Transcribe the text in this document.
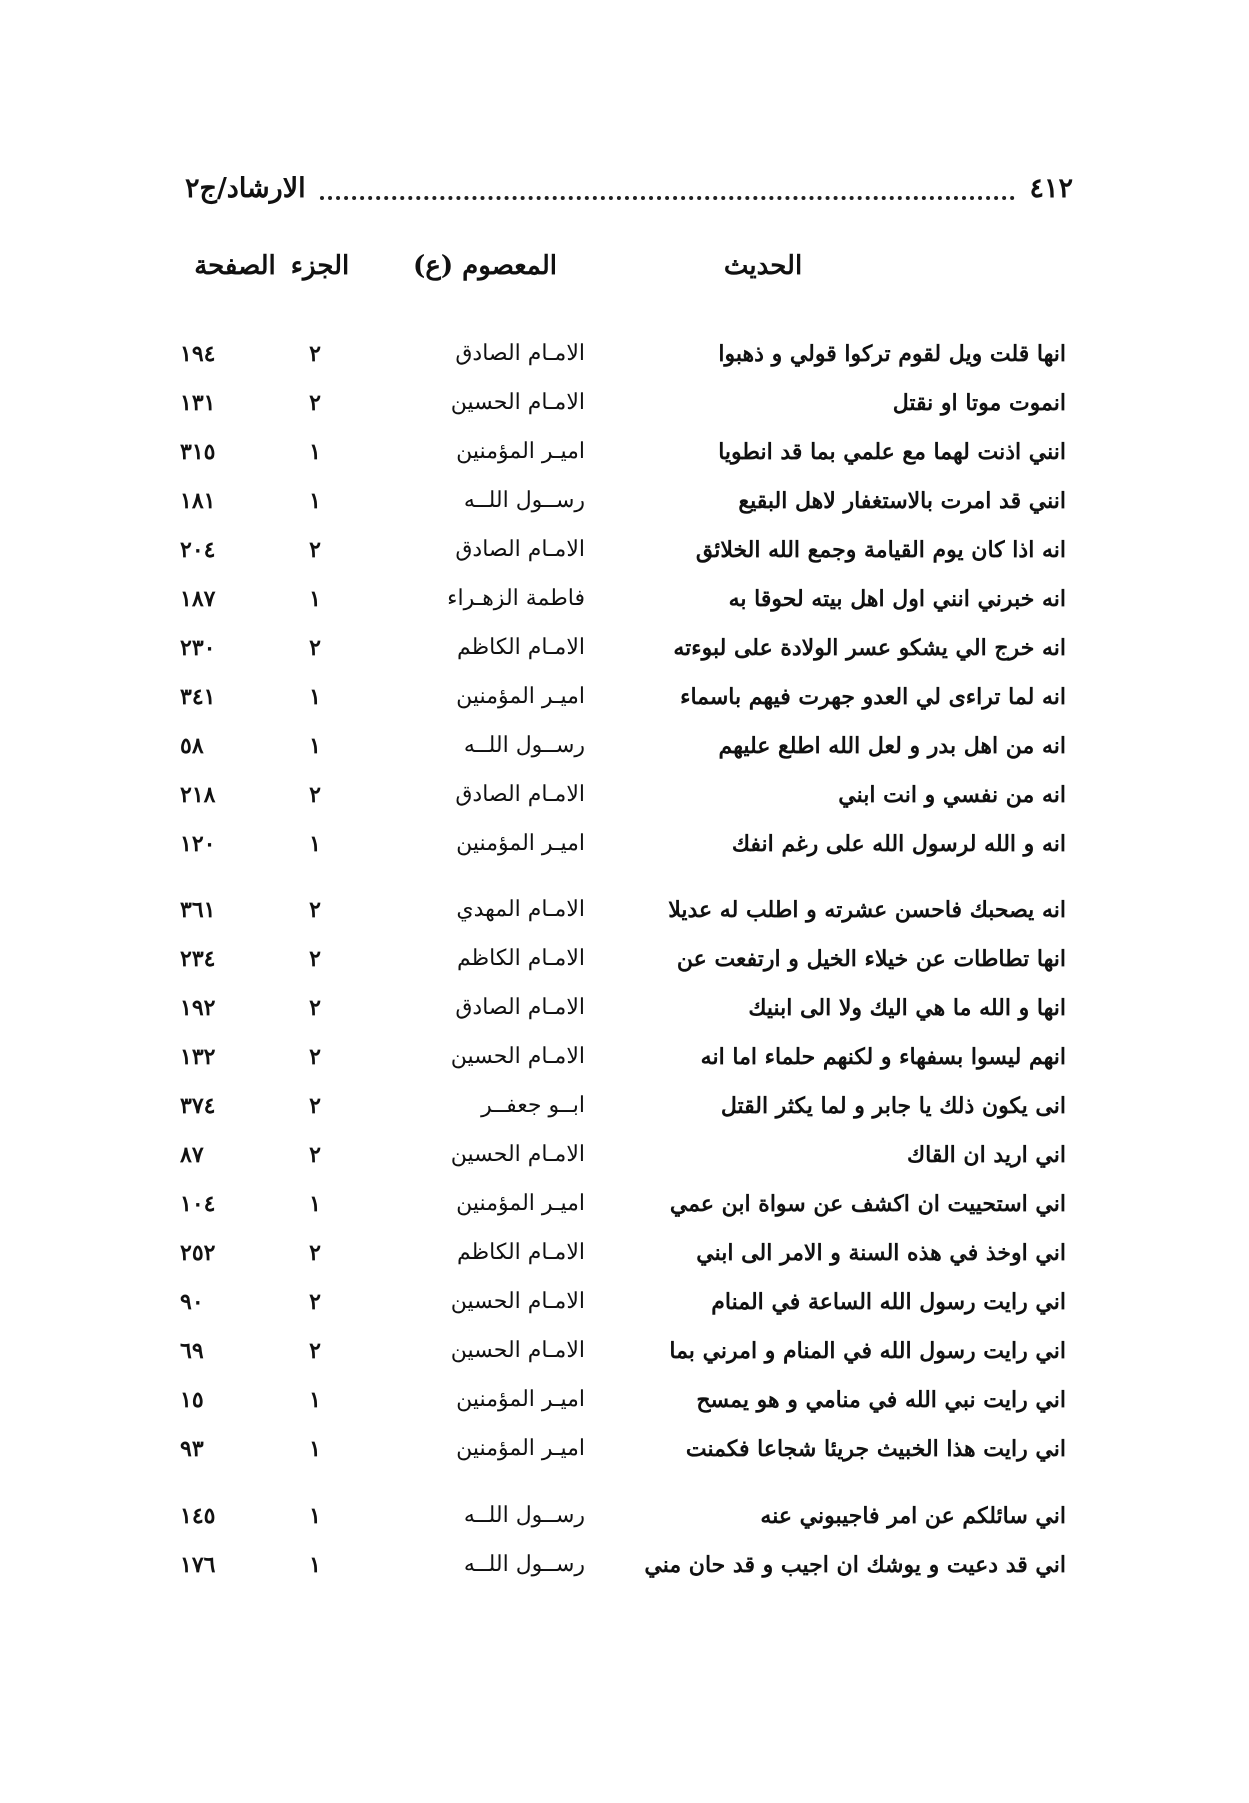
٤١٢
الارشاد/ج٢
الحديث
المعصوم (ع)
الجزء
الصفحة
انها قلت ويل لقوم تركوا قولي و ذهبوا
الامـام الصادق
٢
١٩٤
انموت موتا او نقتل
الامـام الحسين
٢
١٣١
انني اذنت لهما مع علمي بما قد انطويا
اميـر المؤمنين
١
٣١٥
انني قد امرت بالاستغفار لاهل البقيع
رســول اللــه
١
١٨١
انه اذا كان يوم القيامة وجمع الله الخلائق
الامـام الصادق
٢
٢٠٤
انه خبرني انني اول اهل بيته لحوقا به
فاطمة الزهـراء
١
١٨٧
انه خرج الي يشكو عسر الولادة على لبوءته
الامـام الكاظم
٢
٢٣٠
انه لما تراءى لي العدو جهرت فيهم باسماء
اميـر المؤمنين
١
٣٤١
انه من اهل بدر و لعل الله اطلع عليهم
رســول اللــه
١
٥٨
انه من نفسي و انت ابني
الامـام الصادق
٢
٢١٨
انه و الله لرسول الله على رغم انفك
اميـر المؤمنين
١
١٢٠
انه يصحبك فاحسن عشرته و اطلب له عديلا
الامـام المهدي
٢
٣٦١
انها تطاطات عن خيلاء الخيل و ارتفعت عن
الامـام الكاظم
٢
٢٣٤
انها و الله ما هي اليك ولا الى ابنيك
الامـام الصادق
٢
١٩٢
انهم ليسوا بسفهاء و لكنهم حلماء اما انه
الامـام الحسين
٢
١٣٢
انى يكون ذلك يا جابر و لما يكثر القتل
ابــو جعفــر
٢
٣٧٤
اني اريد ان القاك
الامـام الحسين
٢
٨٧
اني استحييت ان اكشف عن سواة ابن عمي
اميـر المؤمنين
١
١٠٤
اني اوخذ في هذه السنة و الامر الى ابني
الامـام الكاظم
٢
٢٥٢
اني رايت رسول الله الساعة في المنام
الامـام الحسين
٢
٩٠
اني رايت رسول الله في المنام و امرني بما
الامـام الحسين
٢
٦٩
اني رايت نبي الله في منامي و هو يمسح
اميـر المؤمنين
١
١٥
اني رايت هذا الخبيث جريئا شجاعا فكمنت
اميـر المؤمنين
١
٩٣
اني سائلكم عن امر فاجيبوني عنه
رســول اللــه
١
١٤٥
اني قد دعيت و يوشك ان اجيب و قد حان مني
رســول اللــه
١
١٧٦
